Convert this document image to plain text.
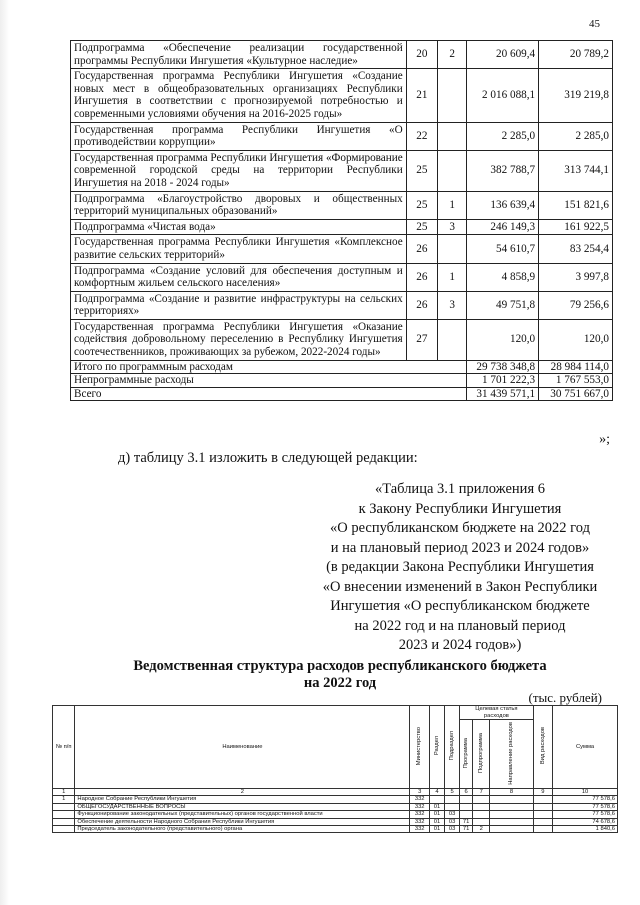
45
Подпрограмма «Обеспечение реализации государственной программы Республики Ингушетия «Культурное наследие»	20	2	20 609,4	20 789,2
Государственная программа Республики Ингушетия «Создание новых мест в общеобразовательных организациях Республики Ингушетия в соответствии с прогнозируемой потребностью и современными условиями обучения на 2016-2025 годы»	21		2 016 088,1	319 219,8
Государственная программа Республики Ингушетия «О противодействии коррупции»	22		2 285,0	2 285,0
Государственная программа Республики Ингушетия «Формирование современной городской среды на территории Республики Ингушетия на 2018 - 2024 годы»	25		382 788,7	313 744,1
Подпрограмма «Благоустройство дворовых и общественных территорий муниципальных образований»	25	1	136 639,4	151 821,6
Подпрограмма «Чистая вода»	25	3	246 149,3	161 922,5
Государственная программа Республики Ингушетия «Комплексное развитие сельских территорий»	26		54 610,7	83 254,4
Подпрограмма «Создание условий для обеспечения доступным и комфортным жильем сельского населения»	26	1	4 858,9	3 997,8
Подпрограмма «Создание и развитие инфраструктуры на сельских территориях»	26	3	49 751,8	79 256,6
Государственная программа Республики Ингушетия «Оказание содействия добровольному переселению в Республику Ингушетия соотечественников, проживающих за рубежом, 2022-2024 годы»	27		120,0	120,0
Итого по программным расходам			29 738 348,8	28 984 114,0
Непрограммные расходы			1 701 222,3	1 767 553,0
Всего			31 439 571,1	30 751 667,0
»;
д) таблицу 3.1 изложить в следующей редакции:
«Таблица 3.1 приложения 6
к Закону Республики Ингушетия
«О республиканском бюджете на 2022 год
и на плановый период 2023 и 2024 годов»
(в редакции Закона Республики Ингушетия
«О внесении изменений в Закон Республики
Ингушетия «О республиканском бюджете
на 2022 год и на плановый период
2023 и 2024 годов»)
Ведомственная структура расходов республиканского бюджета
на 2022 год
(тыс. рублей)
№ п/п	Наименование	Министерство	Раздел	Подраздел	Целевая статья расходов			Вид расходов	Сумма
					Программа	Подпрограмма	Направление расходов		
1	2	3	4	5	6	7	8	9	10
1	Народное Собрание Республики Ингушетия	332							77 578,6
	ОБЩЕГОСУДАРСТВЕННЫЕ ВОПРОСЫ	332	01						77 578,6
	Функционирование законодательных (представительных) органов государственной власти	332	01	03					77 578,6
	Обеспечение деятельности Народного Собрания Республики Ингушетия	332	01	03	71				74 678,6
	Председатель законодательного (представительного) органа	332	01	03	71	2			1 840,6
